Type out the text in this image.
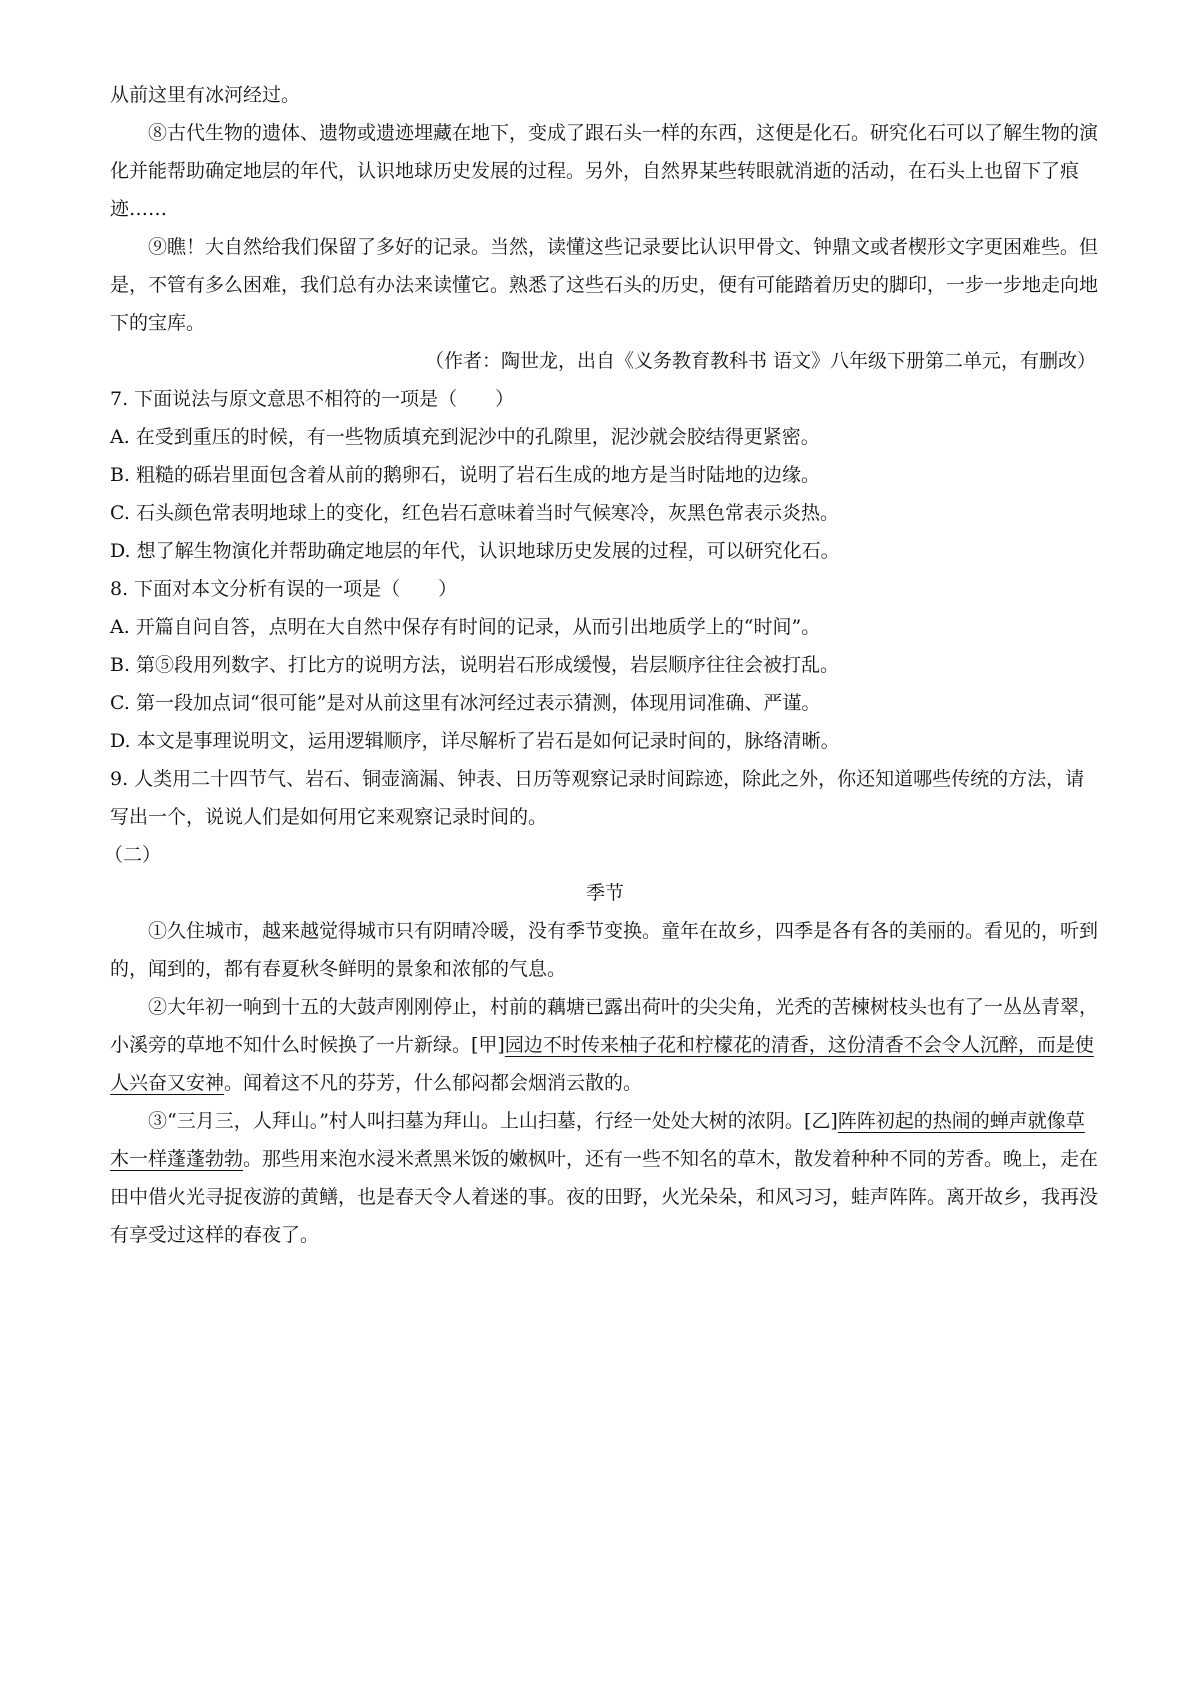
从前这里有冰河经过。

⑧古代生物的遗体、遗物或遗迹埋藏在地下，变成了跟石头一样的东西，这便是化石。研究化石可以了解生物的演化并能帮助确定地层的年代，认识地球历史发展的过程。另外，自然界某些转眼就消逝的活动，在石头上也留下了痕迹……

⑨瞧！大自然给我们保留了多好的记录。当然，读懂这些记录要比认识甲骨文、钟鼎文或者楔形文字更困难些。但是，不管有多么困难，我们总有办法来读懂它。熟悉了这些石头的历史，便有可能踏着历史的脚印，一步一步地走向地下的宝库。

（作者：陶世龙，出自《义务教育教科书 语文》八年级下册第二单元，有删改）

7. 下面说法与原文意思不相符的一项是（　　）

A. 在受到重压的时候，有一些物质填充到泥沙中的孔隙里，泥沙就会胶结得更紧密。

B. 粗糙的砾岩里面包含着从前的鹅卵石，说明了岩石生成的地方是当时陆地的边缘。

C. 石头颜色常表明地球上的变化，红色岩石意味着当时气候寒冷，灰黑色常表示炎热。

D. 想了解生物演化并帮助确定地层的年代，认识地球历史发展的过程，可以研究化石。

8. 下面对本文分析有误的一项是（　　）

A. 开篇自问自答，点明在大自然中保存有时间的记录，从而引出地质学上的“时间”。

B. 第⑤段用列数字、打比方的说明方法，说明岩石形成缓慢，岩层顺序往往会被打乱。

C. 第一段加点词“很可能”是对从前这里有冰河经过表示猜测，体现用词准确、严谨。

D. 本文是事理说明文，运用逻辑顺序，详尽解析了岩石是如何记录时间的，脉络清晰。

9. 人类用二十四节气、岩石、铜壶滴漏、钟表、日历等观察记录时间踪迹，除此之外，你还知道哪些传统的方法，请写出一个，说说人们是如何用它来观察记录时间的。

（二）

季节

①久住城市，越来越觉得城市只有阴晴冷暖，没有季节变换。童年在故乡，四季是各有各的美丽的。看见的，听到的，闻到的，都有春夏秋冬鲜明的景象和浓郁的气息。

②大年初一响到十五的大鼓声刚刚停止，村前的藕塘已露出荷叶的尖尖角，光秃的苦楝树枝头也有了一丛丛青翠，小溪旁的草地不知什么时候换了一片新绿。[甲]园边不时传来柚子花和柠檬花的清香，这份清香不会令人沉醉，而是使人兴奋又安神。闻着这不凡的芬芳，什么郁闷都会烟消云散的。

③“三月三，人拜山。”村人叫扫墓为拜山。上山扫墓，行经一处处大树的浓阴。[乙]阵阵初起的热闹的蝉声就像草木一样蓬蓬勃勃。那些用来泡水浸米煮黑米饭的嫩枫叶，还有一些不知名的草木，散发着种种不同的芳香。晚上，走在田中借火光寻捉夜游的黄鳝，也是春天令人着迷的事。夜的田野，火光朵朵，和风习习，蛙声阵阵。离开故乡，我再没有享受过这样的春夜了。
